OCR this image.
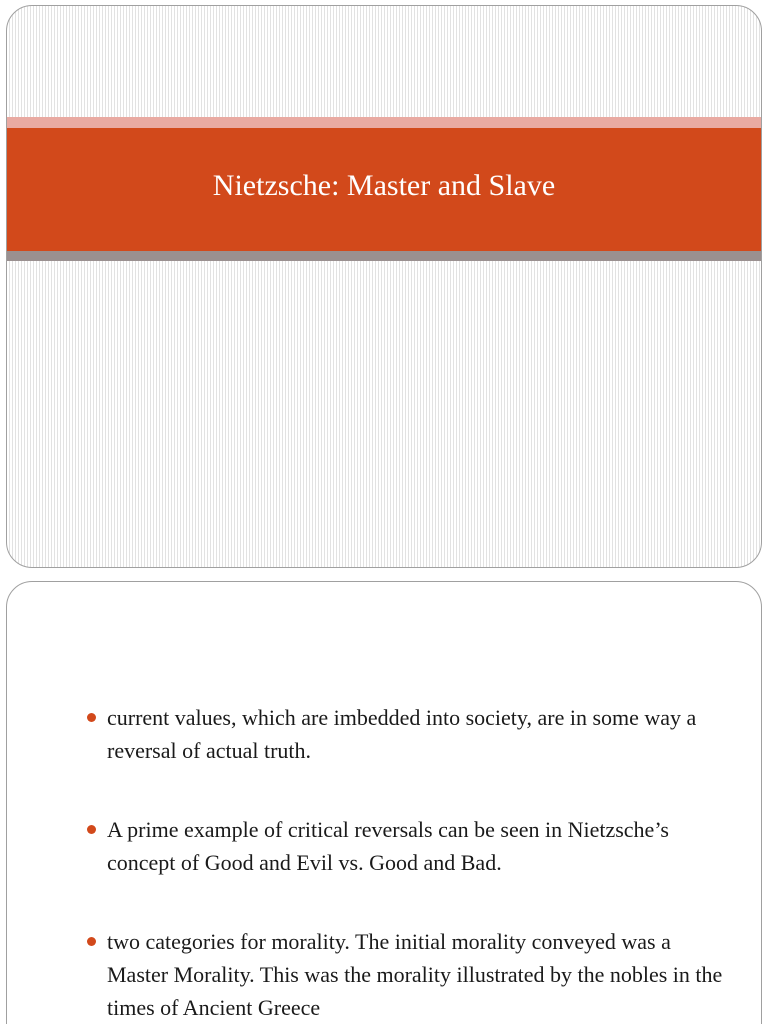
Nietzsche: Master and Slave
current values, which are imbedded into society, are in some way a reversal of actual truth.
A prime example of critical reversals can be seen in Nietzsche’s concept of Good and Evil vs. Good and Bad.
two categories for morality. The initial morality conveyed was a Master Morality. This was the morality illustrated by the nobles in the times of Ancient Greece
